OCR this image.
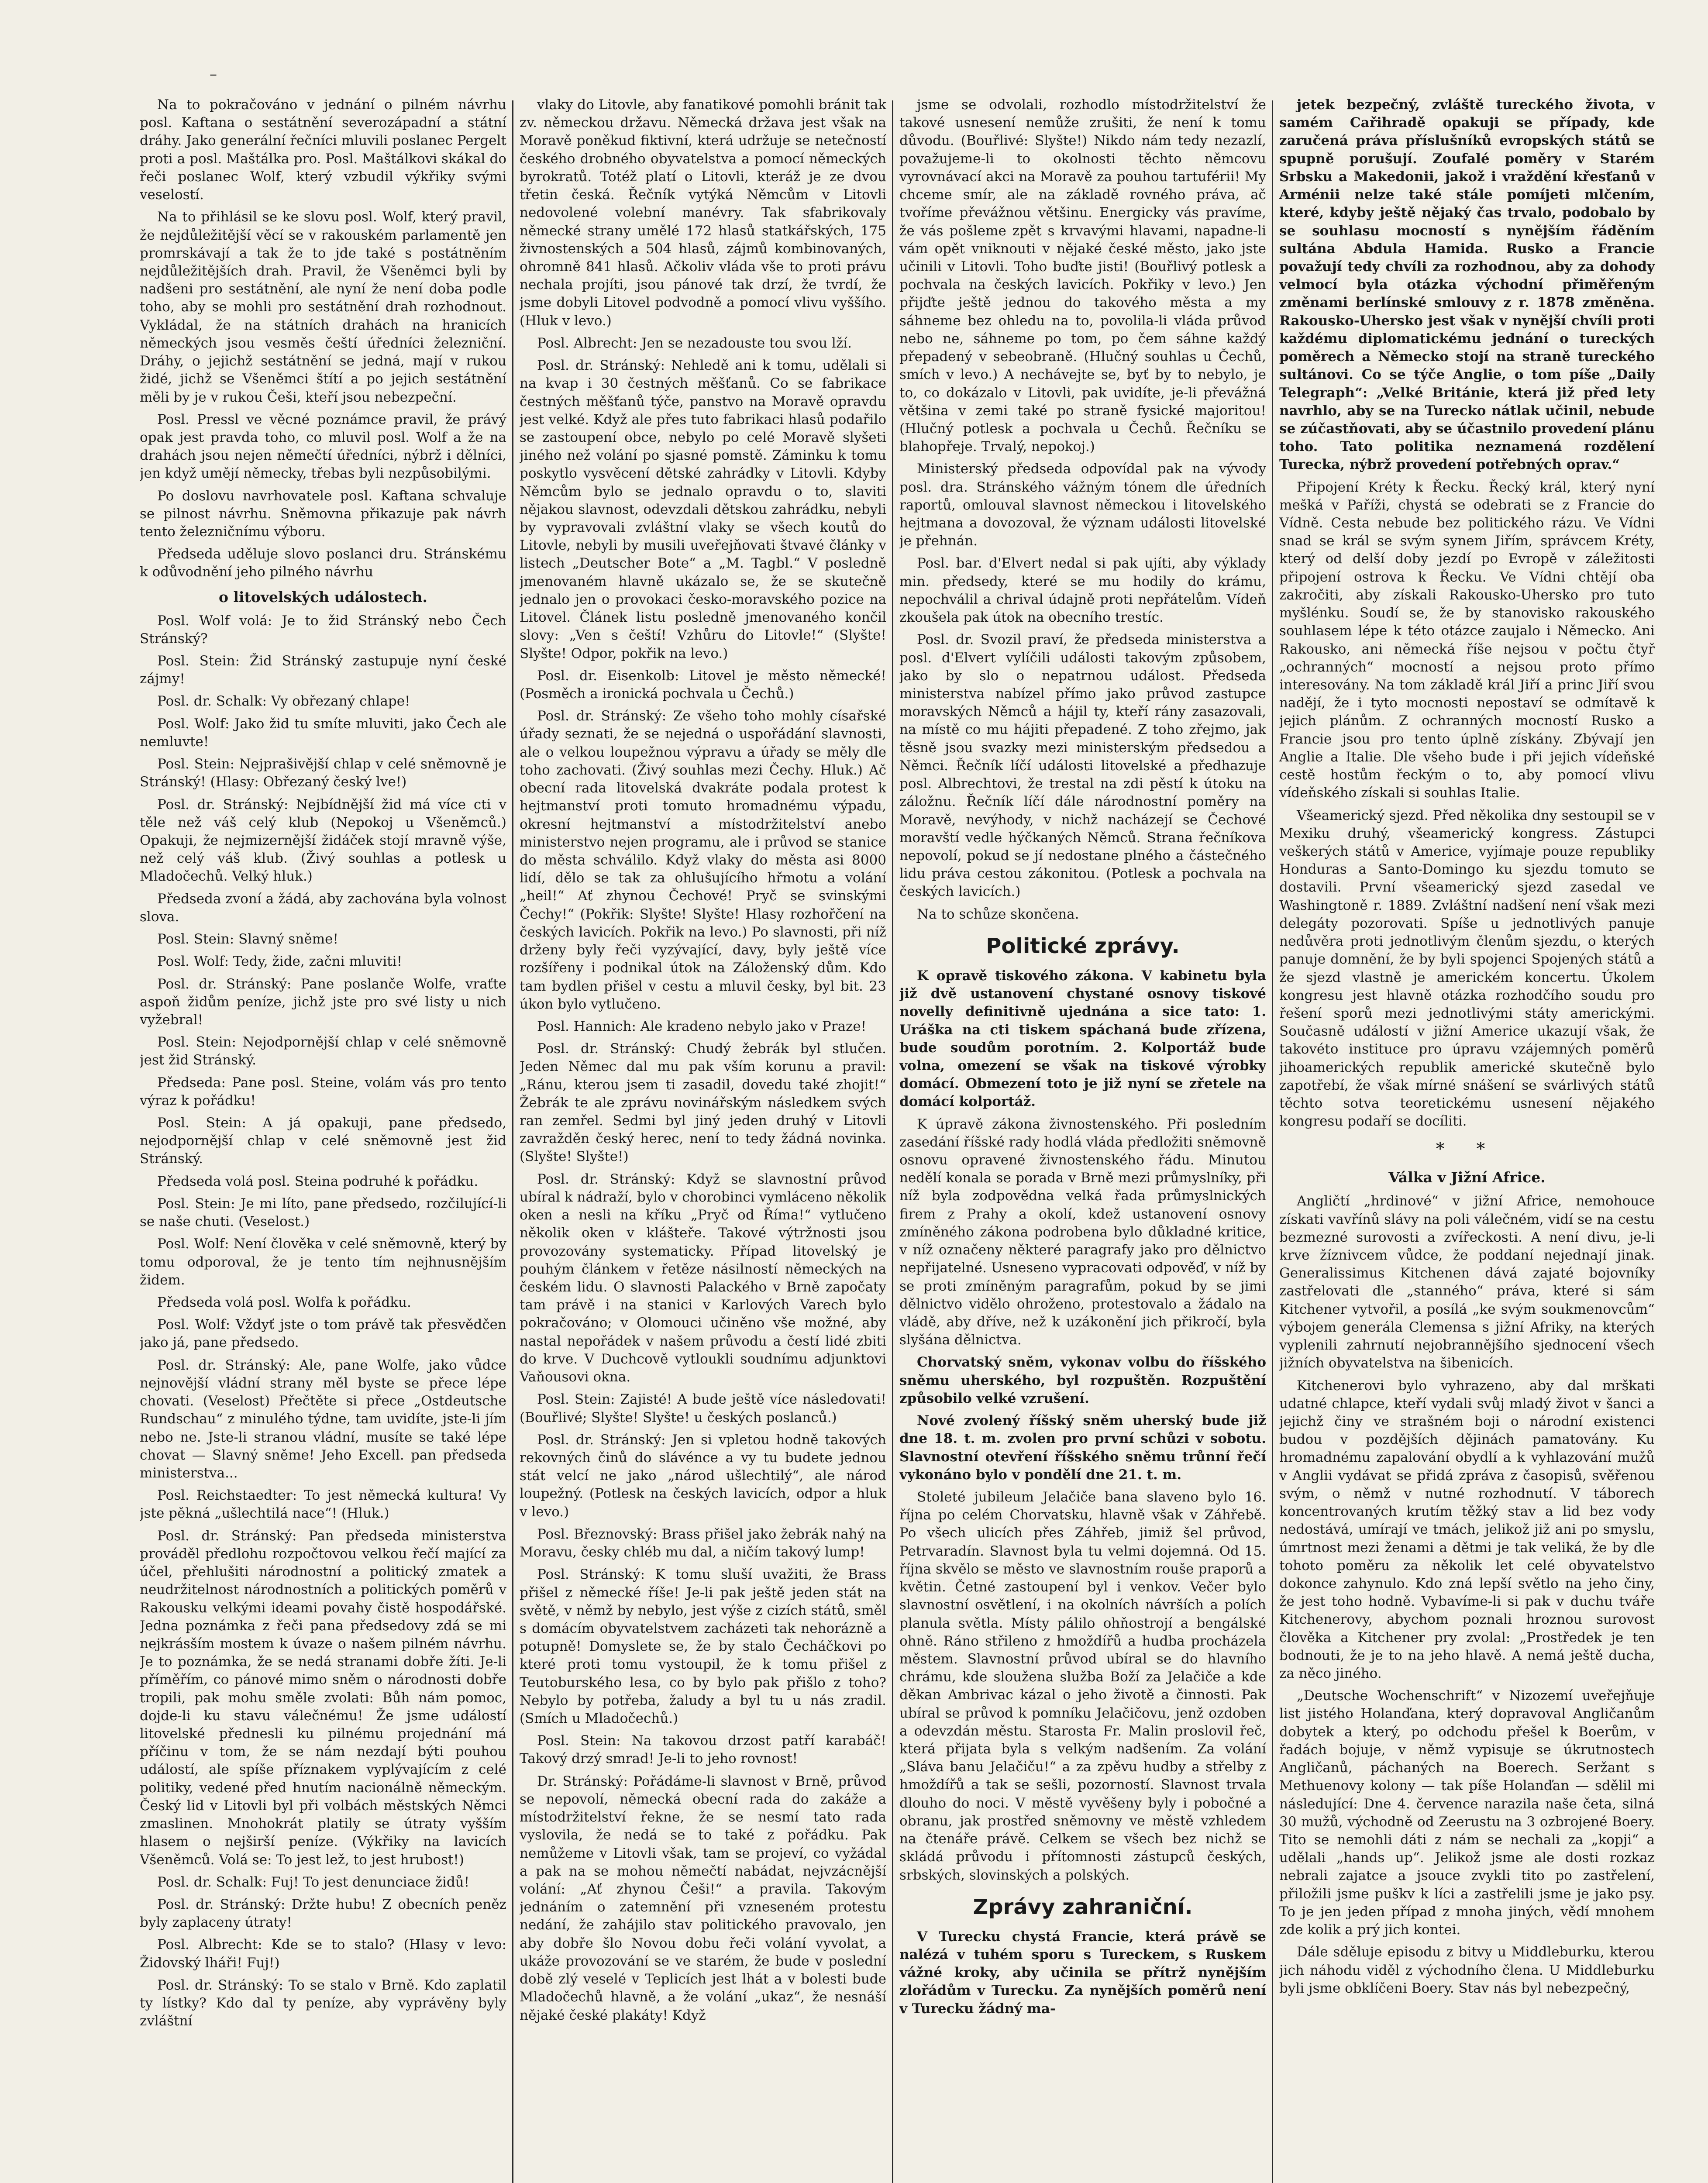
–

Na to pokračováno v jednání o pilném návrhu posl. Kaftana o sestátnění severozápadní a státní dráhy. Jako generální řečníci mluvili poslanec Pergelt proti a posl. Maštálka pro. Posl. Maštálkovi skákal do řeči poslanec Wolf, který vzbudil výkřiky svými veselostí.

Na to přihlásil se ke slovu posl. Wolf, který pravil, že nejdůležitější věcí se v rakouském parlamentě jen promrskávají a tak že to jde také s postátněním nejdůležitějších drah. Pravil, že Všeněmci byli by nadšeni pro sestátnění, ale nyní že není doba podle toho, aby se mohli pro sestátnění drah rozhodnout. Vykládal, že na státních drahách na hranicích německých jsou vesměs čeští úředníci železniční. Dráhy, o jejichž sestátnění se jedná, mají v rukou židé, jichž se Všeněmci štítí a po jejich sestátnění měli by je v rukou Češi, kteří jsou nebezpeční.

Posl. Pressl ve věcné poznámce pravil, že právý opak jest pravda toho, co mluvil posl. Wolf a že na drahách jsou nejen němečtí úředníci, nýbrž i dělníci, jen když umějí německy, třebas byli nezpůsobilými.

Po doslovu navrhovatele posl. Kaftana schvaluje se pilnost návrhu. Sněmovna přikazuje pak návrh tento železničnímu výboru.

Předseda uděluje slovo poslanci dru. Stránskému k odůvodnění jeho pilného návrhu

o litovelských událostech.

Posl. Wolf volá: Je to žid Stránský nebo Čech Stránský?

Posl. Stein: Žid Stránský zastupuje nyní české zájmy!

Posl. dr. Schalk: Vy obřezaný chlape!

Posl. Wolf: Jako žid tu smíte mluviti, jako Čech ale nemluvte!

Posl. Stein: Nejprašivější chlap v celé sněmovně je Stránský! (Hlasy: Obřezaný český lve!)

Posl. dr. Stránský: Nejbídnější žid má více cti v těle než váš celý klub (Nepokoj u Všeněmců.) Opakuji, že nejmizernější židáček stojí mravně výše, než celý váš klub. (Živý souhlas a potlesk u Mladočechů. Velký hluk.)

Předseda zvoní a žádá, aby zachována byla volnost slova.

Posl. Stein: Slavný sněme!

Posl. Wolf: Tedy, žide, začni mluviti!

Posl. dr. Stránský: Pane poslanče Wolfe, vraťte aspoň židům peníze, jichž jste pro své listy u nich vyžebral!

Posl. Stein: Nejodpornější chlap v celé sněmovně jest žid Stránský.

Předseda: Pane posl. Steine, volám vás pro tento výraz k pořádku!

Posl. Stein: A já opakuji, pane předsedo, nejodpornější chlap v celé sněmovně jest žid Stránský.

Předseda volá posl. Steina podruhé k pořádku.

Posl. Stein: Je mi líto, pane předsedo, rozčilující-li se naše chuti. (Veselost.)

Posl. Wolf: Není člověka v celé sněmovně, který by tomu odporoval, že je tento tím nejhnusnějším židem.

Předseda volá posl. Wolfa k pořádku.

Posl. Wolf: Vždyť jste o tom právě tak přesvědčen jako já, pane předsedo.

Posl. dr. Stránský: Ale, pane Wolfe, jako vůdce nejnovější vládní strany měl byste se přece lépe chovati. (Veselost) Přečtěte si přece „Ostdeutsche Rundschau“ z minulého týdne, tam uvidíte, jste-li jím nebo ne. Jste-li stranou vládní, musíte se také lépe chovat — Slavný sněme! Jeho Excell. pan předseda ministerstva...

Posl. Reichstaedter: To jest německá kultura! Vy jste pěkná „ušlechtilá nace“! (Hluk.)

Posl. dr. Stránský: Pan předseda ministerstva prováděl předlohu rozpočtovou velkou řečí mající za účel, přehlušiti národnostní a politický zmatek a neudržitelnost národnostních a politických poměrů v Rakousku velkými ideami povahy čistě hospodářské. Jedna poznámka z řeči pana předsedovy zdá se mi nejkrásším mostem k úvaze o našem pilném návrhu. Je to poznámka, že se nedá stranami dobře žíti. Je-li příměřím, co pánové mimo sněm o národnosti dobře tropili, pak mohu směle zvolati: Bůh nám pomoc, dojde-li ku stavu válečnému! Že jsme událostí litovelské přednesli ku pilnému projednání má příčinu v tom, že se nám nezdají býti pouhou událostí, ale spíše příznakem vyplývajícím z celé politiky, vedené před hnutím nacionálně německým. Český lid v Litovli byl při volbách městských Němci zmaslinen. Mnohokrát platily se útraty vyšším hlasem o nejširší peníze. (Výkřiky na lavicích Všeněmců. Volá se: To jest lež, to jest hrubost!)

Posl. dr. Schalk: Fuj! To jest denunciace židů!

Posl. dr. Stránský: Držte hubu! Z obecních peněz byly zaplaceny útraty!

Posl. Albrecht: Kde se to stalo? (Hlasy v levo: Židovský lháři! Fuj!)

Posl. dr. Stránský: To se stalo v Brně. Kdo zaplatil ty lístky? Kdo dal ty peníze, aby vyprávěny byly zvláštní

vlaky do Litovle, aby fanatikové pomohli bránit tak zv. německou državu. Německá država jest však na Moravě poněkud fiktivní, která udržuje se netečností českého drobného obyvatelstva a pomocí německých byrokratů. Totéž platí o Litovli, kteráž je ze dvou třetin česká. Řečník vytýká Němcům v Litovli nedovolené volební manévry. Tak sfabrikovaly německé strany umělé 172 hlasů statkářských, 175 živnostenských a 504 hlasů, zájmů kombinovaných, ohromně 841 hlasů. Ačkoliv vláda vše to proti právu nechala projíti, jsou pánové tak drzí, že tvrdí, že jsme dobyli Litovel podvodně a pomocí vlivu vyššího. (Hluk v levo.)

Posl. Albrecht: Jen se nezadouste tou svou lží.

Posl. dr. Stránský: Nehledě ani k tomu, udělali si na kvap i 30 čestných měšťanů. Co se fabrikace čestných měšťanů týče, panstvo na Moravě opravdu jest velké. Když ale přes tuto fabrikaci hlasů podařilo se zastoupení obce, nebylo po celé Moravě slyšeti jiného než volání po sjasné pomstě. Záminku k tomu poskytlo vysvěcení dětské zahrádky v Litovli. Kdyby Němcům bylo se jednalo opravdu o to, slaviti nějakou slavnost, odevzdali dětskou zahrádku, nebyli by vypravovali zvláštní vlaky se všech koutů do Litovle, nebyli by musili uveřejňovati štvavé články v listech „Deutscher Bote“ a „M. Tagbl.“ V posledně jmenovaném hlavně ukázalo se, že se skutečně jednalo jen o provokaci česko-moravského pozice na Litovel. Článek listu posledně jmenovaného končil slovy: „Ven s čeští! Vzhůru do Litovle!“ (Slyšte! Slyšte! Odpor, pokřik na levo.)

Posl. dr. Eisenkolb: Litovel je město německé! (Posměch a ironická pochvala u Čechů.)

Posl. dr. Stránský: Ze všeho toho mohly císařské úřady seznati, že se nejedná o uspořádání slavnosti, ale o velkou loupežnou výpravu a úřady se měly dle toho zachovati. (Živý souhlas mezi Čechy. Hluk.) Ač obecní rada litovelská dvakráte podala protest k hejtmanství proti tomuto hromadnému výpadu, okresní hejtmanství a místodržitelství anebo ministerstvo nejen programu, ale i průvod se stanice do města schválilo. Když vlaky do města asi 8000 lidí, dělo se tak za ohlušujícího hřmotu a volání „heil!“ Ať zhynou Čechové! Pryč se svinskými Čechy!“ (Pokřik: Slyšte! Slyšte! Hlasy rozhořčení na českých lavicích. Pokřik na levo.) Po slavnosti, při níž drženy byly řeči vyzývající, davy, byly ještě více rozšířeny i podnikal útok na Záloženský dům. Kdo tam bydlen přišel v cestu a mluvil česky, byl bit. 23 úkon bylo vytlučeno.

Posl. Hannich: Ale kradeno nebylo jako v Praze!

Posl. dr. Stránský: Chudý žebrák byl stlučen. Jeden Němec dal mu pak vším korunu a pravil: „Ránu, kterou jsem ti zasadil, dovedu také zhojit!“ Žebrák te ale zprávu novinářským následkem svých ran zemřel. Sedmi byl jiný jeden druhý v Litovli zavražděn český herec, není to tedy žádná novinka. (Slyšte! Slyšte!)

Posl. dr. Stránský: Když se slavnostní průvod ubíral k nádraží, bylo v chorobinci vymláceno několik oken a nesli na kříku „Pryč od Říma!“ vytlučeno několik oken v klášteře. Takové výtržnosti jsou provozovány systematicky. Případ litovelský je pouhým článkem v řetěze násilností německých na českém lidu. O slavnosti Palackého v Brně započaty tam právě i na stanici v Karlových Varech bylo pokračováno; v Olomouci učiněno vše možné, aby nastal nepořádek v našem průvodu a čestí lidé zbiti do krve. V Duchcově vytloukli soudnímu adjunktovi Vaňousovi okna.

Posl. Stein: Zajisté! A bude ještě více následovati! (Bouřlivé; Slyšte! Slyšte! u českých poslanců.)

Posl. dr. Stránský: Jen si vpletou hodně takových rekovných činů do slávénce a vy tu budete jednou stát velcí ne jako „národ ušlechtilý“, ale národ loupežný. (Potlesk na českých lavicích, odpor a hluk v levo.)

Posl. Březnovský: Brass přišel jako žebrák nahý na Moravu, česky chléb mu dal, a ničím takový lump!

Posl. Stránský: K tomu sluší uvažiti, že Brass přišel z německé říše! Je-li pak ještě jeden stát na světě, v němž by nebylo, jest výše z cizích států, směl s domácím obyvatelstvem zacházeti tak nehorázně a potupně! Domyslete se, že by stalo Čecháčkovi po které proti tomu vystoupil, že k tomu přišel z Teutoburského lesa, co by bylo pak přišlo z toho? Nebylo by potřeba, žaludy a byl tu u nás zradil. (Smích u Mladočechů.)

Posl. Stein: Na takovou drzost patří karabáč! Takový drzý smrad! Je-li to jeho rovnost!

Dr. Stránský: Pořádáme-li slavnost v Brně, průvod se nepovolí, německá obecní rada do zakáže a místodržitelství řekne, že se nesmí tato rada vyslovila, že nedá se to také z pořádku. Pak nemůžeme v Litovli však, tam se projeví, co vyžádal a pak na se mohou němečtí nabádat, nejvzácnější volání: „Ať zhynou Češi!“ a pravila. Takovým jednáním o zatemnění při vzneseném protestu nedání, že zahájilo stav politického pravovalo, jen aby dobře šlo Novou dobu řeči volání vyvolat, a ukáže provozování se ve starém, že bude v poslední době zlý veselé v Teplicích jest lhát a v bolesti bude Mladočechů hlavně, a že volání „ukaz“, že nesnáší nějaké české plakáty! Když

jsme se odvolali, rozhodlo místodržitelství že takové usnesení nemůže zrušiti, že není k tomu důvodu. (Bouřlivé: Slyšte!) Nikdo nám tedy nezazlí, považujeme-li to okolnosti těchto němcovu vyrovnávací akci na Moravě za pouhou tartuférii! My chceme smír, ale na základě rovného práva, ač tvoříme převážnou většinu. Energicky vás pravíme, že vás pošleme zpět s krvavými hlavami, napadne-li vám opět vniknouti v nějaké české město, jako jste učinili v Litovli. Toho buďte jisti! (Bouřlivý potlesk a pochvala na českých lavicích. Pokřiky v levo.) Jen přijďte ještě jednou do takového města a my sáhneme bez ohledu na to, povolila-li vláda průvod nebo ne, sáhneme po tom, po čem sáhne každý přepadený v sebeobraně. (Hlučný souhlas u Čechů, smích v levo.) A nechávejte se, byť by to nebylo, je to, co dokázalo v Litovli, pak uvidíte, je-li převážná většina v zemi také po straně fysické majoritou! (Hlučný potlesk a pochvala u Čechů. Řečníku se blahopřeje. Trvalý, nepokoj.)

Ministerský předseda odpovídal pak na vývody posl. dra. Stránského vážným tónem dle úředních raportů, omlouval slavnost německou i litovelského hejtmana a dovozoval, že význam události litovelské je přehnán.

Posl. bar. d'Elvert nedal si pak ujíti, aby výklady min. předsedy, které se mu hodily do krámu, nepochválil a chrival údajně proti nepřátelům. Vídeň zkoušela pak útok na obecního trestíc.

Posl. dr. Svozil praví, že předseda ministerstva a posl. d'Elvert vylíčili události takovým způsobem, jako by slo o nepatrnou událost. Předseda ministerstva nabízel přímo jako průvod zastupce moravských Němců a hájil ty, kteří rány zasazovali, na místě co mu hájiti přepadené. Z toho zřejmo, jak těsně jsou svazky mezi ministerským předsedou a Němci. Řečník líčí události litovelské a předhazuje posl. Albrechtovi, že trestal na zdi pěstí k útoku na záložnu. Řečník líčí dále národnostní poměry na Moravě, nevýhody, v nichž nacházejí se Čechové moravští vedle hýčkaných Němců. Strana řečníkova nepovolí, pokud se jí nedostane plného a částečného lidu práva cestou zákonitou. (Potlesk a pochvala na českých lavicích.)

Na to schůze skončena.

Politické zprávy.

K opravě tiskového zákona. V kabinetu byla již dvě ustanovení chystané osnovy tiskové novelly definitivně ujednána a sice tato: 1. Uráška na cti tiskem spáchaná bude zřízena, bude soudům porotním. 2. Kolportáž bude volna, omezení se však na tiskové výrobky domácí. Obmezení toto je již nyní se zřetele na domácí kolportáž.

K úpravě zákona živnostenského. Při posledním zasedání říšské rady hodlá vláda předložiti sněmovně osnovu opravené živnostenského řádu. Minutou nedělí konala se porada v Brně mezi průmyslníky, při níž byla zodpovědna velká řada průmyslnických firem z Prahy a okolí, kdež ustanovení osnovy zmíněného zákona podrobena bylo důkladné kritice, v níž označeny některé paragrafy jako pro dělnictvo nepřijatelné. Usneseno vypracovati odpověď, v níž by se proti zmíněným paragrafům, pokud by se jimi dělnictvo vidělo ohroženo, protestovalo a žádalo na vládě, aby dříve, než k uzákonění jich přikročí, byla slyšána dělnictva.

Chorvatský sněm, vykonav volbu do říšského sněmu uherského, byl rozpuštěn. Rozpuštění způsobilo velké vzrušení.

Nové zvolený říšský sněm uherský bude již dne 18. t. m. zvolen pro první schůzi v sobotu. Slavnostní otevření říšského sněmu trůnní řečí vykonáno bylo v pondělí dne 21. t. m.

Stoleté jubileum Jelačiče bana slaveno bylo 16. října po celém Chorvatsku, hlavně však v Záhřebě. Po všech ulicích přes Záhřeb, jimiž šel průvod, Petrvaradín. Slavnost byla tu velmi dojemná. Od 15. října skvělo se město ve slavnostním rouše praporů a květin. Četné zastoupení byl i venkov. Večer bylo slavnostní osvětlení, i na okolních návrších a polích planula světla. Místy pálilo ohňostrojí a bengálské ohně. Ráno střileno z hmoždířů a hudba procházela městem. Slavnostní průvod ubíral se do hlavního chrámu, kde sloužena služba Boží za Jelačiče a kde děkan Ambrivac kázal o jeho životě a činnosti. Pak ubíral se průvod k pomníku Jelačičovu, jenž ozdoben a odevzdán městu. Starosta Fr. Malin proslovil řeč, která přijata byla s velkým nadšením. Za volání „Sláva banu Jelačiču!“ a za zpěvu hudby a střelby z hmoždířů a tak se sešli, pozorností. Slavnost trvala dlouho do noci. V městě vyvěšeny byly i pobočné a obranu, jak prostřed sněmovny ve městě vzhledem na čtenáře právě. Celkem se všech bez nichž se skládá průvodu i přítomnosti zástupců českých, srbských, slovinských a polských.

Zprávy zahraniční.

V Turecku chystá Francie, která právě se nalézá v tuhém sporu s Tureckem, s Ruskem vážné kroky, aby učinila se přítrž nynějším zlořádům v Turecku. Za nynějších poměrů není v Turecku žádný ma-

jetek bezpečný, zvláště tureckého života, v samém Cařihradě opakuji se případy, kde zaručená práva příslušníků evropských států se spupně porušují. Zoufalé poměry v Starém Srbsku a Makedonii, jakož i vraždění křesťanů v Arménii nelze také stále pomíjeti mlčením, které, kdyby ještě nějaký čas trvalo, podobalo by se souhlasu mocností s nynějším řáděním sultána Abdula Hamida. Rusko a Francie považují tedy chvíli za rozhodnou, aby za dohody velmocí byla otázka východní přiměřeným změnami berlínské smlouvy z r. 1878 změněna. Rakousko-Uhersko jest však v nynější chvíli proti každému diplomatickému jednání o tureckých poměrech a Německo stojí na straně tureckého sultánovi. Co se týče Anglie, o tom píše „Daily Telegraph“: „Velké Británie, která již před lety navrhlo, aby se na Turecko nátlak učinil, nebude se zúčastňovati, aby se účastnilo provedení plánu toho. Tato politika neznamená rozdělení Turecka, nýbrž provedení potřebných oprav.“

Připojení Kréty k Řecku. Řecký král, který nyní mešká v Paříži, chystá se odebrati se z Francie do Vídně. Cesta nebude bez politického rázu. Ve Vídni snad se král se svým synem Jiřím, správcem Kréty, který od delší doby jezdí po Evropě v záležitosti připojení ostrova k Řecku. Ve Vídni chtějí oba zakročiti, aby získali Rakousko-Uhersko pro tuto myšlénku. Soudí se, že by stanovisko rakouského souhlasem lépe k této otázce zaujalo i Německo. Ani Rakousko, ani německá říše nejsou v počtu čtyř „ochranných“ mocností a nejsou proto přímo interesovány. Na tom základě král Jiří a princ Jiří svou nadějí, že i tyto mocnosti nepostaví se odmítavě k jejich plánům. Z ochranných mocností Rusko a Francie jsou pro tento úplně získány. Zbývají jen Anglie a Italie. Dle všeho bude i při jejich vídeňské cestě hostům řeckým o to, aby pomocí vlivu vídeňského získali si souhlas Italie.

Všeamerický sjezd. Před několika dny sestoupil se v Mexiku druhý, všeamerický kongress. Zástupci veškerých států v Americe, vyjímaje pouze republiky Honduras a Santo-Domingo ku sjezdu tomuto se dostavili. První všeamerický sjezd zasedal ve Washingtoně r. 1889. Zvláštní nadšení není však mezi delegáty pozorovati. Spíše u jednotlivých panuje nedůvěra proti jednotlivým členům sjezdu, o kterých panuje domnění, že by byli spojenci Spojených států a že sjezd vlastně je americkém koncertu. Úkolem kongresu jest hlavně otázka rozhodčího soudu pro řešení sporů mezi jednotlivými státy americkými. Současně událostí v jižní Americe ukazují však, že takovéto instituce pro úpravu vzájemných poměrů jihoamerických republik americké skutečně bylo zapotřebí, že však mírné snášení se svárlivých států těchto sotva teoretickému usnesení nějakého kongresu podaří se docíliti.

* *

Válka v Jižní Africe.

Angličtí „hrdinové“ v jižní Africe, nemohouce získati vavřínů slávy na poli válečném, vidí se na cestu bezmezné surovosti a zvířeckosti. A není divu, je-li krve žíznivcem vůdce, že poddaní nejednají jinak. Generalissimus Kitchenen dává zajaté bojovníky zastřelovati dle „stanného“ práva, které si sám Kitchener vytvořil, a posílá „ke svým soukmenovcům“ výbojem generála Clemensa s jižní Afriky, na kterých vyplenili zahrnutí nejobrannějšího sjednocení všech jižních obyvatelstva na šibenicích.

Kitchenerovi bylo vyhrazeno, aby dal mrškati udatné chlapce, kteří vydali svůj mladý život v šanci a jejichž činy ve strašném boji o národní existenci budou v pozdějších dějinách pamatovány. Ku hromadnému zapalování obydlí a k vyhlazování mužů v Anglii vydávat se přidá zpráva z časopisů, svěřenou svým, o němž v nutné rozhodnutí. V táborech koncentrovaných krutím těžký stav a lid bez vody nedostává, umírají ve tmách, jelikož již ani po smyslu, úmrtnost mezi ženami a dětmi je tak veliká, že by dle tohoto poměru za několik let celé obyvatelstvo dokonce zahynulo. Kdo zná lepší světlo na jeho činy, že jest toho hodně. Vybavíme-li si pak v duchu tváře Kitchenerovy, abychom poznali hroznou surovost člověka a Kitchener pry zvolal: „Prostředek je ten bodnouti, že je to na jeho hlavě. A nemá ještě ducha, za něco jiného.

„Deutsche Wochenschrift“ v Nizozemí uveřejňuje list jistého Holanďana, který dopravoval Angličanům dobytek a který, po odchodu přešel k Boerům, v řadách bojuje, v němž vypisuje se úkrutnostech Angličanů, páchaných na Boerech. Seržant s Methuenovy kolony — tak píše Holanďan — sdělil mi následující: Dne 4. července narazila naše četa, silná 30 mužů, východně od Zeerustu na 3 ozbrojené Boery. Tito se nemohli dáti z nám se nechali za „kopji“ a udělali „hands up“. Jelikož jsme ale dosti rozkaz nebrali zajatce a jsouce zvykli tito po zastřelení, přiložili jsme puškv k líci a zastřelili jsme je jako psy. To je jen jeden případ z mnoha jiných, vědí mnohem zde kolik a prý jich kontei.

Dále sděluje episodu z bitvy u Middleburku, kterou jich náhodu viděl z východního člena. U Middleburku byli jsme obklíčeni Boery. Stav nás byl nebezpečný,
